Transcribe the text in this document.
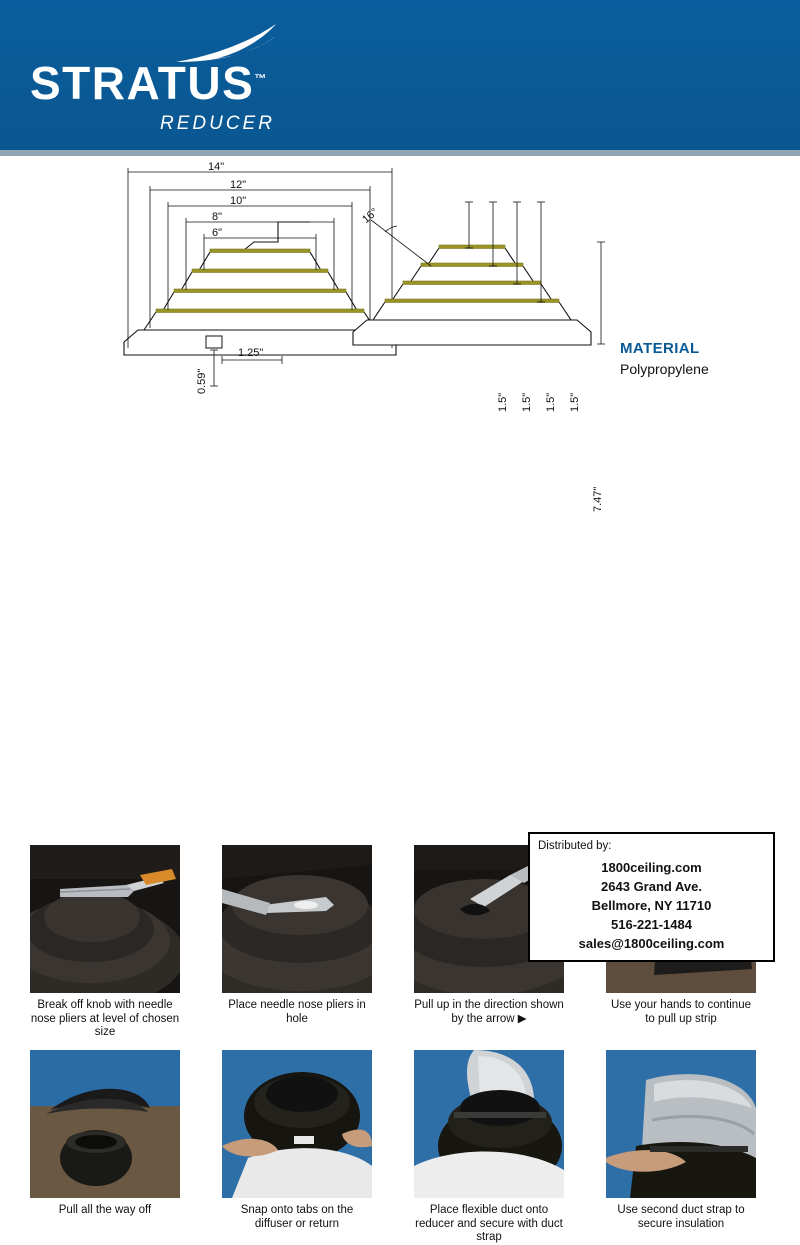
STRATUS™
REDUCER
14"
12"
10"
8"
6"
1.25"
0.59"
1.5" 1.5" 1.5" 1.5"
16°
7.47"
MATERIAL
Polypropylene
Break off knob with needle nose pliers at level of chosen size
Place needle nose pliers in hole
Pull up in the direction shown by the arrow ▶
Use your hands to continue to pull up strip
Pull all the way off	Snap onto tabs on the diffuser or return
Place flexible duct onto reducer and secure with duct strap
Use second duct strap to secure insulation
Distributed by:
1800ceiling.com
2643 Grand Ave.
Bellmore, NY 11710
516-221-1484
sales@1800ceiling.com
